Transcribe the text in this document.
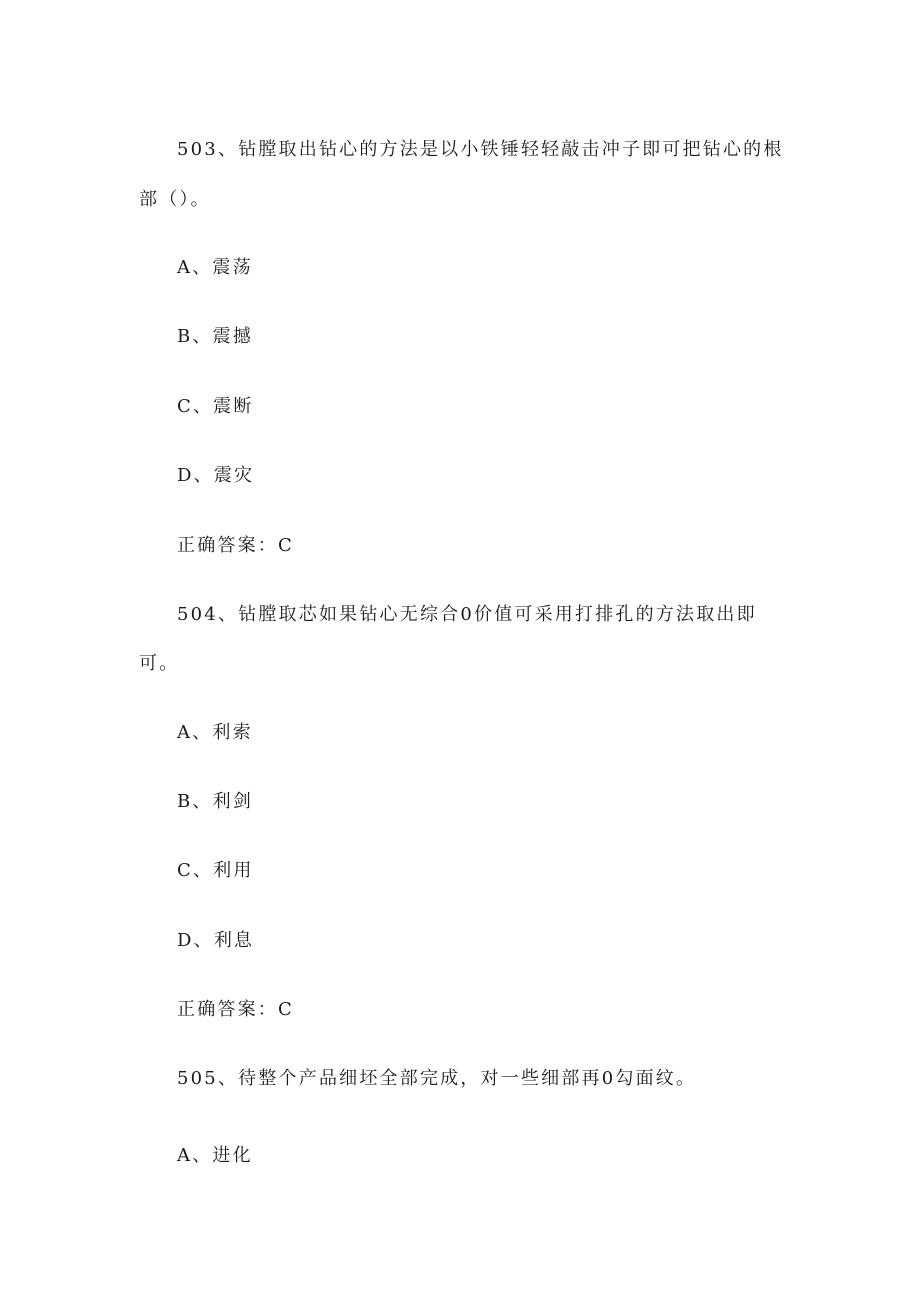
503、钻膛取出钻心的方法是以小铁锤轻轻敲击冲子即可把钻心的根
部（）。
A、震荡
B、震撼
C、震断
D、震灾
正确答案：C
504、钻膛取芯如果钻心无综合0价值可采用打排孔的方法取出即
可。
A、利索
B、利剑
C、利用
D、利息
正确答案：C
505、待整个产品细坯全部完成，对一些细部再0勾面纹。
A、进化
